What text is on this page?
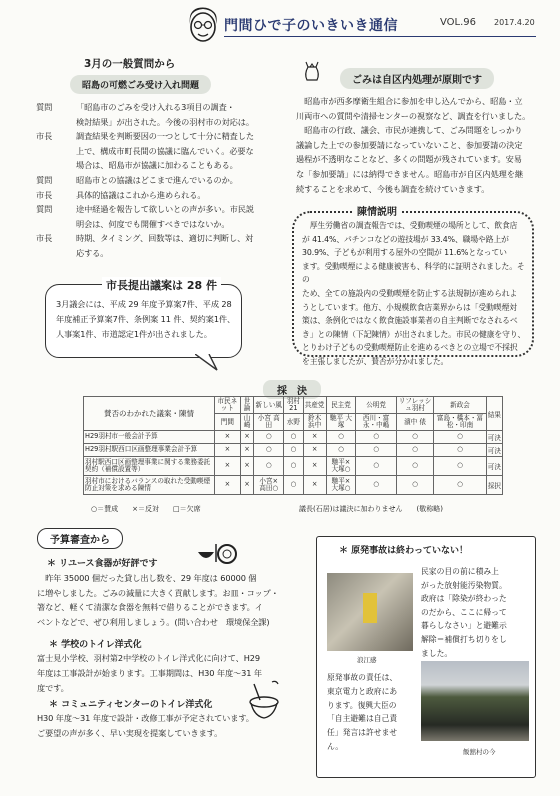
門間ひで子のいきいき通信	VOL.96 2017.4.20
3月の一般質問から
昭島の可燃ごみ受け入れ問題
質問	「昭島市のごみを受け入れる3項目の調査・
検討結果」が出された。今後の羽村市の対応は。
市長	調査結果を判断要因の一つとして十分に精査した
上で、構成市町長間の協議に臨んでいく。必要な
場合は、昭島市が協議に加わることもある。
質問	昭島市との協議はどこまで進んでいるのか。
市長	具体的協議はこれから進められる。
質問	途中経過を報告して欲しいとの声が多い。市民説
明会は、何度でも開催すべきではないか。
市長	時期、タイミング、回数等は、適切に判断し、対
応する。
ごみは自区内処理が原則です
　昭島市が西多摩衛生組合に参加を申し込んでから、昭島・立
川両市への質問や清掃センターの視察など、調査を行いました。
　昭島市の行政、議会、市民が連携して、ごみ問題をしっかり
議論した上での参加要請になっていないこと、参加要請の決定
過程が不透明なことなど、多くの問題が残されています。安易
な「参加要請」には納得できません。昭島市が自区内処理を継
続することを求めて、今後も調査を続けていきます。
陳情説明
　厚生労働省の調査報告では、受動喫煙の場所として、飲食店
が 41.4%、パチンコなどの遊技場が 33.4%、職場や路上が
30.9%、子どもが利用する屋外の空間が 11.6%となってい
ます。受動喫煙による健康被害も、科学的に証明されました。その
ため、全ての施設内の受動喫煙を防止する法規制が進められよ
うとしています。他方、小規模飲食店業界からは「受動喫煙対
策は、条例化ではなく飲食施設事業者の自主判断でなされるべ
き」との陳情（下記陳情）が出されました。市民の健康を守り、
とりわけ子どもの受動喫煙防止を進めるべきとの立場で不採択
を主張しましたが、賛否が分かれました。
市長提出議案は 28 件
3月議会には、平成 29 年度予算案7件、平成 28
年度補正予算案7件、条例案 11 件、契約案1件、
人事案1件、市道認定1件が出されました。
採　決
賛否のわかれた議案・陳情	市民ネット	世論	新しい風	羽村21	共産党	民主党	公明党	リフレッシュ羽村	新政会	結果
	門間	山崎	小宮 高田	水野	鈴木 浜中	馳平 大塚	西川・富永・中嶋	濱中 俵	富島・橋本・冨松・印南	
H29羽村市一般会計予算	×	×	○	○	×	○	○	○	○	可決
H29羽村駅西口区画整理事業会計予算	×	×	○	○	×	○	○	○	○	可決
羽村駅西口区画整理事業に関する業務委託契約（補償設置等）	×	×	○	○	×	馳平× 大塚○	○	○	○	可決
羽村市におけるバランスの取れた受動喫煙防止対策を求める陳情	×	×	小宮× 高田○	○	×	馳平× 大塚○	○	○	○	採択
○＝賛成　　×＝反対　　□＝欠席	議長(石居)は議決に加わりません　　(敬称略)
予算審査から
＊ リユース食器が好評です
　昨年 35000 個だった貸し出し数を、29 年度は 60000 個
に増やしました。ごみの減量に大きく貢献します。お皿・コップ・
箸など、軽くて清潔な食器を無料で借りることができます。イ
ベントなどで、ぜひ利用しましょう。(問い合わせ　環境保全課)
＊ 学校のトイレ洋式化
富士見小学校、羽村第2中学校のトイレ洋式化に向けて、H29
年度は工事設計が始まります。工事期間は、H30 年度～31 年
度です。
＊ コミュニティセンターのトイレ洋式化
H30 年度～31 年度で設計・改修工事が予定されています。
ご要望の声が多く、早い実現を提案していきます。
＊ 原発事故は終わっていない！
浪江感
民家の目の前に積み上
がった放射能汚染物質。
政府は「除染が終わった
のだから、ここに帰って
暮らしなさい」と避難示
解除＝補償打ち切りをし
ました。
原発事故の責任は、
東京電力と政府にあ
ります。復興大臣の
「自主避難は自己責
任」発言は許せませ
ん。
飯舘村の今
